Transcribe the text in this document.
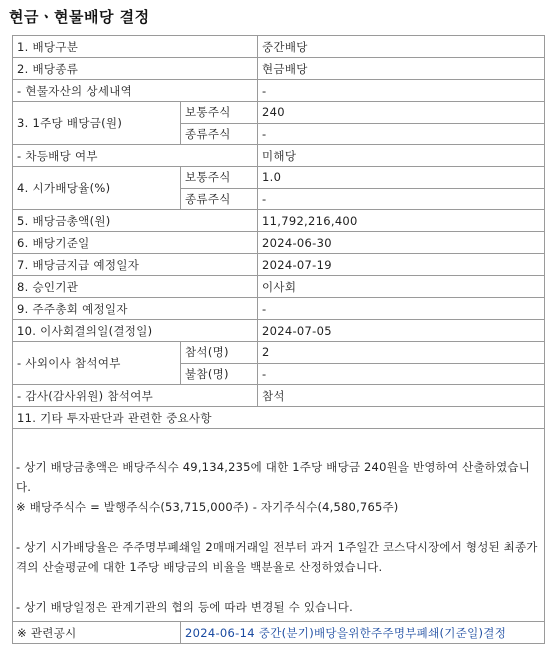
현금ㆍ현물배당 결정
1. 배당구분		중간배당
2. 배당종류		현금배당
- 현물자산의 상세내역		-
3. 1주당 배당금(원)	보통주식	240
	종류주식	-
- 차등배당 여부		미해당
4. 시가배당율(%)	보통주식	1.0
	종류주식	-
5. 배당금총액(원)		11,792,216,400
6. 배당기준일		2024-06-30
7. 배당금지급 예정일자		2024-07-19
8. 승인기관		이사회
9. 주주총회 예정일자		-
10. 이사회결의일(결정일)		2024-07-05
- 사외이사 참석여부	참석(명)	2
	불참(명)	-
- 감사(감사위원) 참석여부		참석
11. 기타 투자판단과 관련한 중요사항		

- 상기 배당금총액은 배당주식수 49,134,235에 대한 1주당 배당금 240원을 반영하여 산출하였습니다.

※ 배당주식수 = 발행주식수(53,715,000주) - 자기주식수(4,580,765주)

- 상기 시가배당율은 주주명부폐쇄일 2매매거래일 전부터 과거 1주일간 코스닥시장에서 형성된 최종가격의 산술평균에 대한 1주당 배당금의 비율을 백분율로 산정하였습니다.

- 상기 배당일정은 관계기관의 협의 등에 따라 변경될 수 있습니다.		

※ 관련공시	2024-06-14 중간(분기)배당을위한주주명부폐쇄(기준일)결정	
